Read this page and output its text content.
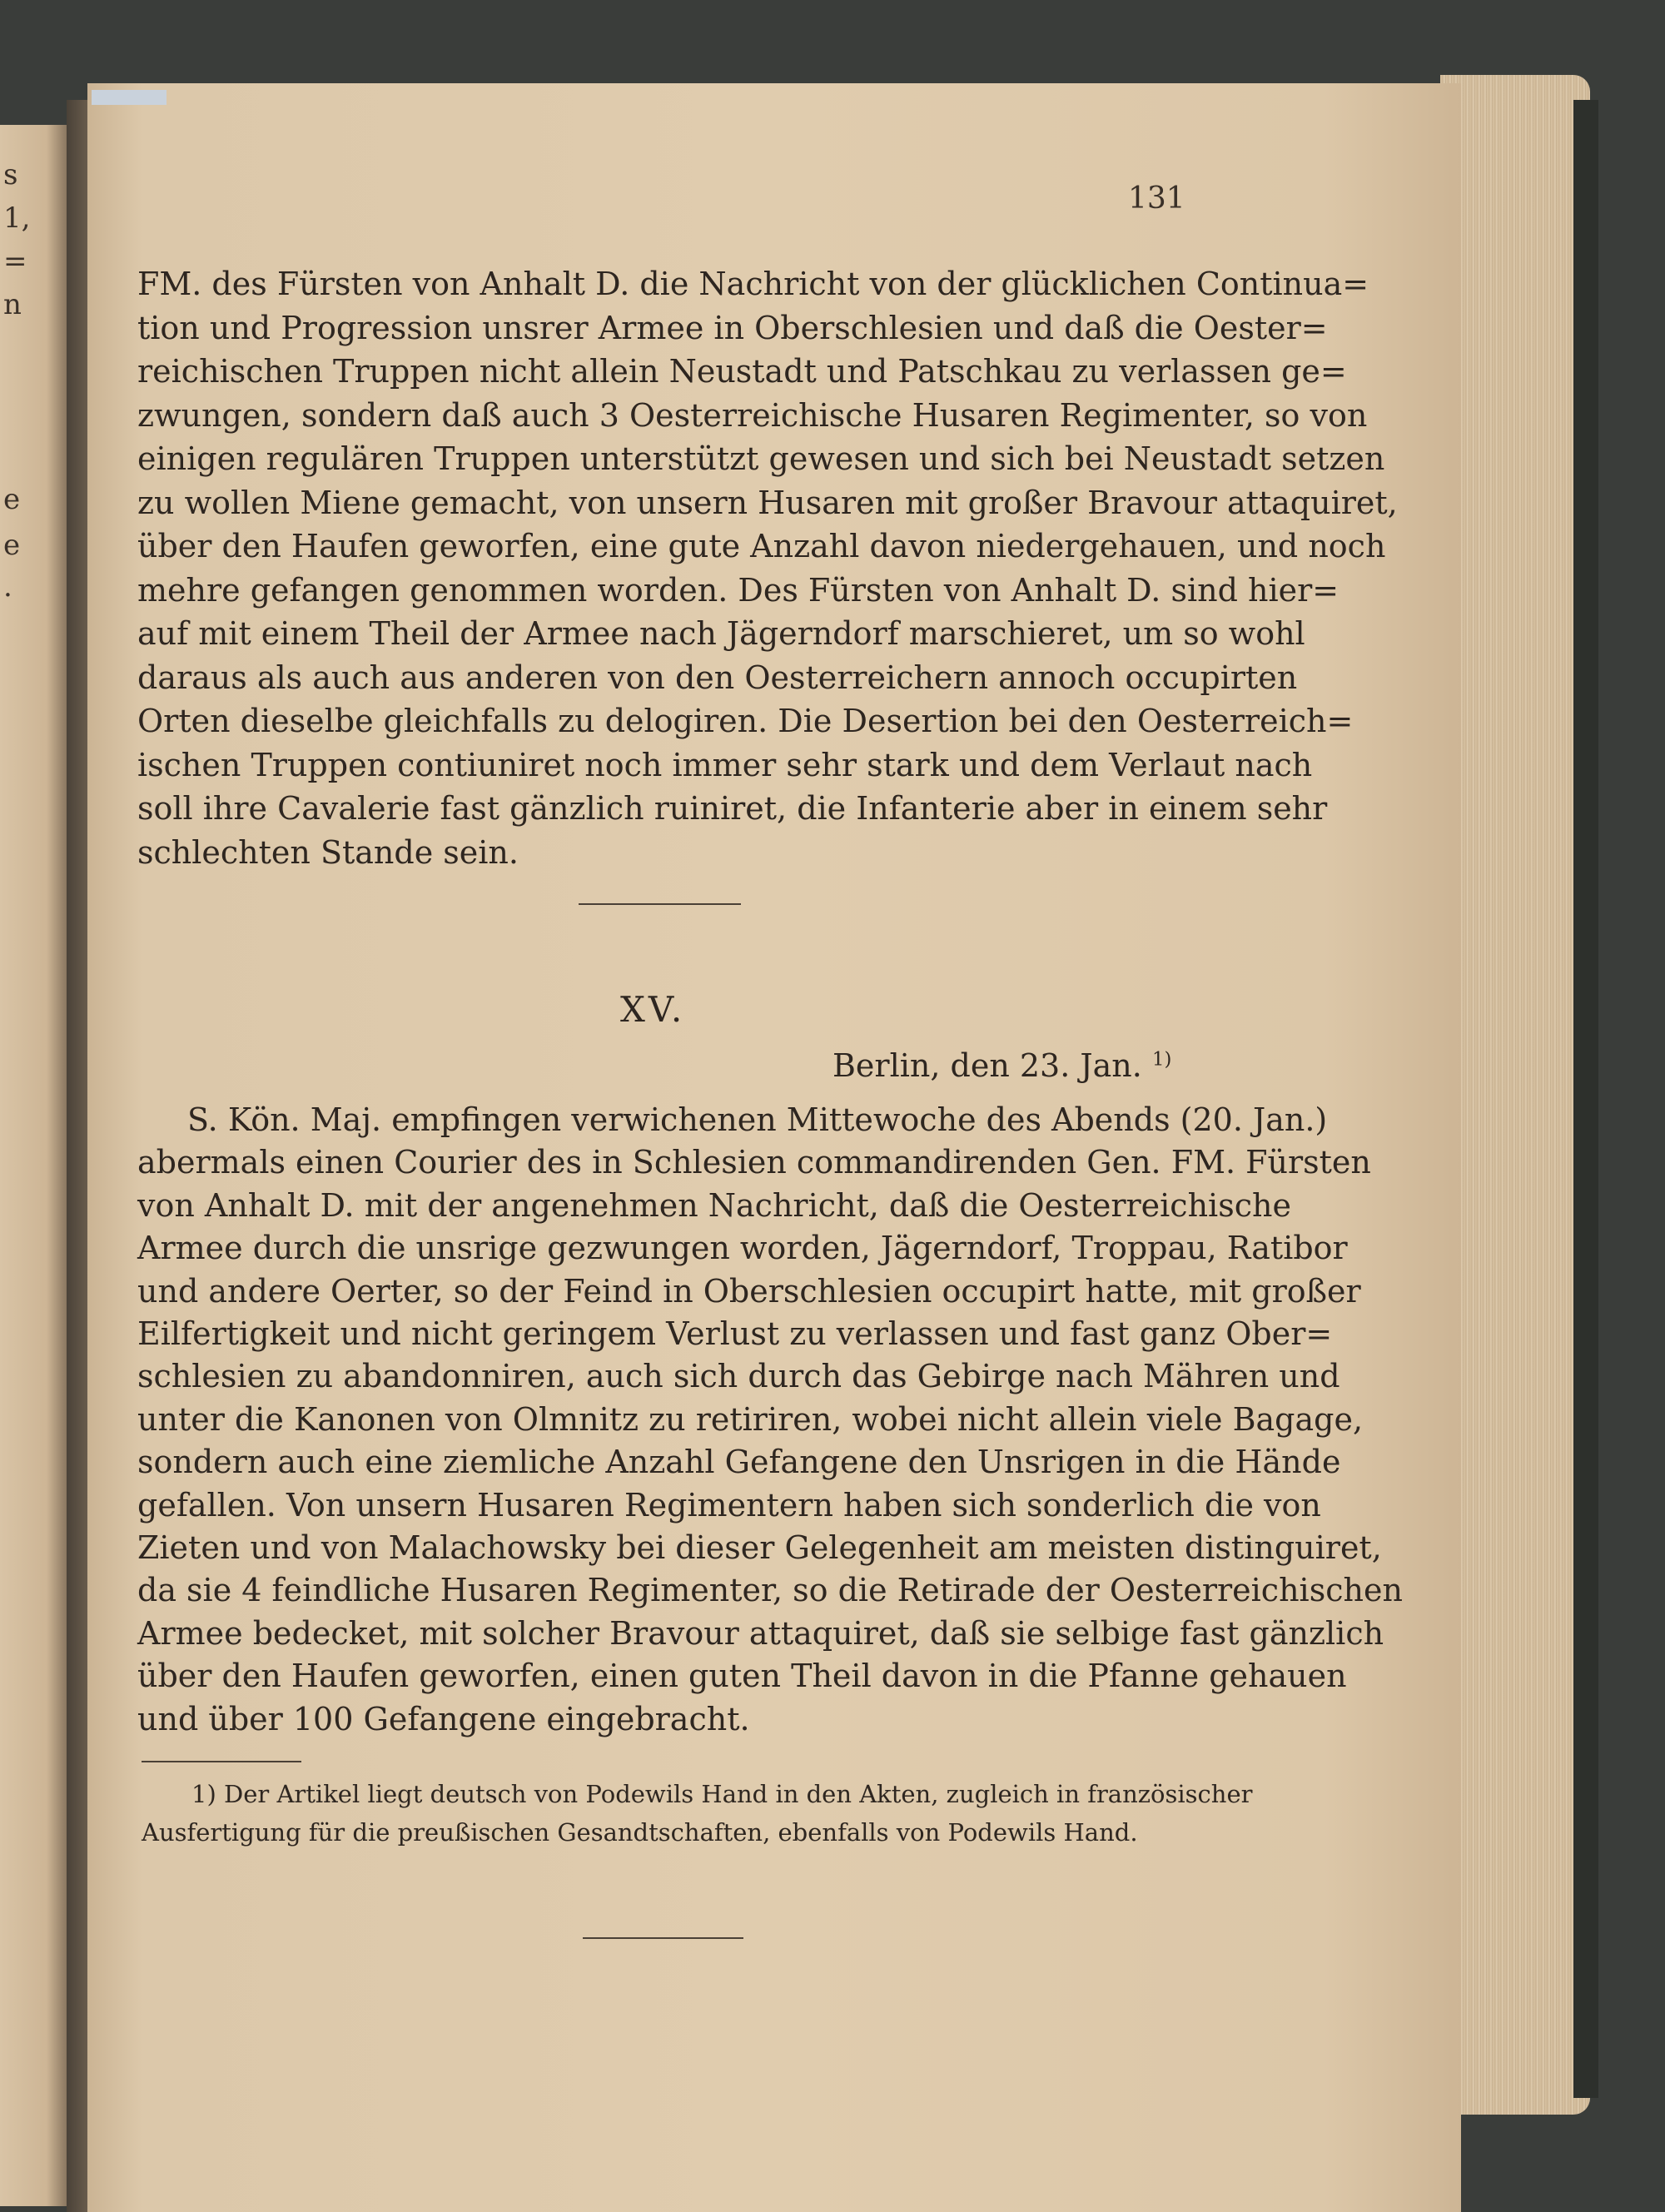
s
1,
=
n
e
e
.
131
FM. des Fürsten von Anhalt D. die Nachricht von der glücklichen Continua=
tion und Progression unsrer Armee in Oberschlesien und daß die Oester=
reichischen Truppen nicht allein Neustadt und Patschkau zu verlassen ge=
zwungen, sondern daß auch 3 Oesterreichische Husaren Regimenter, so von
einigen regulären Truppen unterstützt gewesen und sich bei Neustadt setzen
zu wollen Miene gemacht, von unsern Husaren mit großer Bravour attaquiret,
über den Haufen geworfen, eine gute Anzahl davon niedergehauen, und noch
mehre gefangen genommen worden. Des Fürsten von Anhalt D. sind hier=
auf mit einem Theil der Armee nach Jägerndorf marschieret, um so wohl
daraus als auch aus anderen von den Oesterreichern annoch occupirten
Orten dieselbe gleichfalls zu delogiren. Die Desertion bei den Oesterreich=
ischen Truppen contiuniret noch immer sehr stark und dem Verlaut nach
soll ihre Cavalerie fast gänzlich ruiniret, die Infanterie aber in einem sehr
schlechten Stande sein.
XV.
Berlin, den 23. Jan. $^{1)}$
S. Kön. Maj. empfingen verwichenen Mittewoche des Abends (20. Jan.)
abermals einen Courier des in Schlesien commandirenden Gen. FM. Fürsten
von Anhalt D. mit der angenehmen Nachricht, daß die Oesterreichische
Armee durch die unsrige gezwungen worden, Jägerndorf, Troppau, Ratibor
und andere Oerter, so der Feind in Oberschlesien occupirt hatte, mit großer
Eilfertigkeit und nicht geringem Verlust zu verlassen und fast ganz Ober=
schlesien zu abandonniren, auch sich durch das Gebirge nach Mähren und
unter die Kanonen von Olmnitz zu retiriren, wobei nicht allein viele Bagage,
sondern auch eine ziemliche Anzahl Gefangene den Unsrigen in die Hände
gefallen. Von unsern Husaren Regimentern haben sich sonderlich die von
Zieten und von Malachowsky bei dieser Gelegenheit am meisten distinguiret,
da sie 4 feindliche Husaren Regimenter, so die Retirade der Oesterreichischen
Armee bedecket, mit solcher Bravour attaquiret, daß sie selbige fast gänzlich
über den Haufen geworfen, einen guten Theil davon in die Pfanne gehauen
und über 100 Gefangene eingebracht.
1) Der Artikel liegt deutsch von Podewils Hand in den Akten, zugleich in französischer
Ausfertigung für die preußischen Gesandtschaften, ebenfalls von Podewils Hand.
